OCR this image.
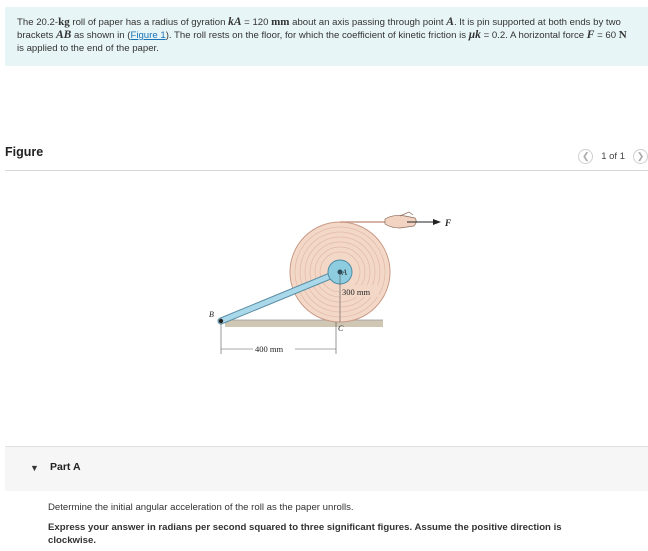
The 20.2-kg roll of paper has a radius of gyration kA = 120 mm about an axis passing through point A. It is pin supported at both ends by two brackets AB as shown in (Figure 1). The roll rests on the floor, for which the coefficient of kinetic friction is μk = 0.2. A horizontal force F = 60 N is applied to the end of the paper.
Figure	❮ 1 of 1 ❯
F
A
B
300 mm
C
400 mm
▼ Part A
Determine the initial angular acceleration of the roll as the paper unrolls.
Express your answer in radians per second squared to three significant figures. Assume the positive direction is clockwise.
